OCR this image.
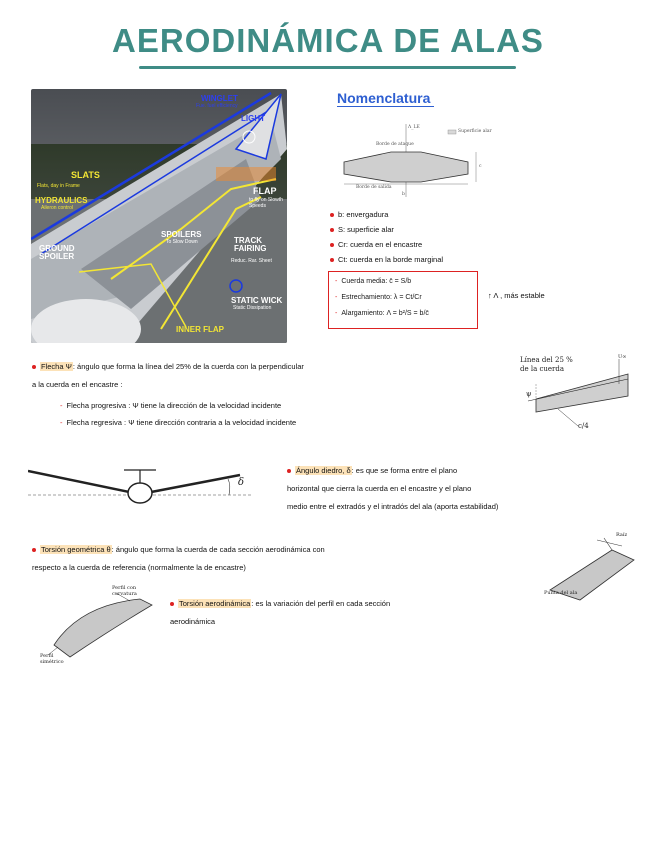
AERODINÁMICA DE ALAS
WINGLET
Fue. fuel efficiency
LIGHT
SLATS
Flats, day in Frame
HYDRAULICS
Aileron control
GROUND SPOILER
SPOILERS
To Slow Down
FLAP
to fly on Slowth Speeds
TRACK FAIRING
Reduc. Rar. Sheet
STATIC WICK
Static Dissipation
INNER FLAP
Nomenclatura
Superficie alar
Borde de ataque
Borde de salida
b
c
Λ_LE
b: envergadura
S: superficie alar
Cr: cuerda en el encastre
Ct: cuerda en la borde marginal
- Cuerda media: c̄ = S/b
- Estrechamiento: λ = Ct/Cr
- Alargamiento: Λ = b²/S = b/c̄
↑ Λ , más estable
Flecha Ψ: ángulo que forma la línea del 25% de la cuerda con la perpendicular
a la cuerda en el encastre :
- Flecha progresiva : Ψ tiene la dirección de la velocidad incidente
- Flecha regresiva : Ψ tiene dirección contraria a la velocidad incidente
Línea del 25 %
de la cuerda
ψ
c/4
U∞
δ
Ángulo diedro, δ: es que se forma entre el plano
horizontal que cierra la cuerda en el encastre y el plano
medio entre el extradós y el intradós del ala (aporta estabilidad)
Torsión geométrica θ: ángulo que forma la cuerda de cada sección aerodinámica con
respecto a la cuerda de referencia (normalmente la de encastre)
Raíz
Punta del ala
Perfil con curvatura
Perfil simétrico
Torsión aerodinámica: es la variación del perfil en cada sección
aerodinámica
